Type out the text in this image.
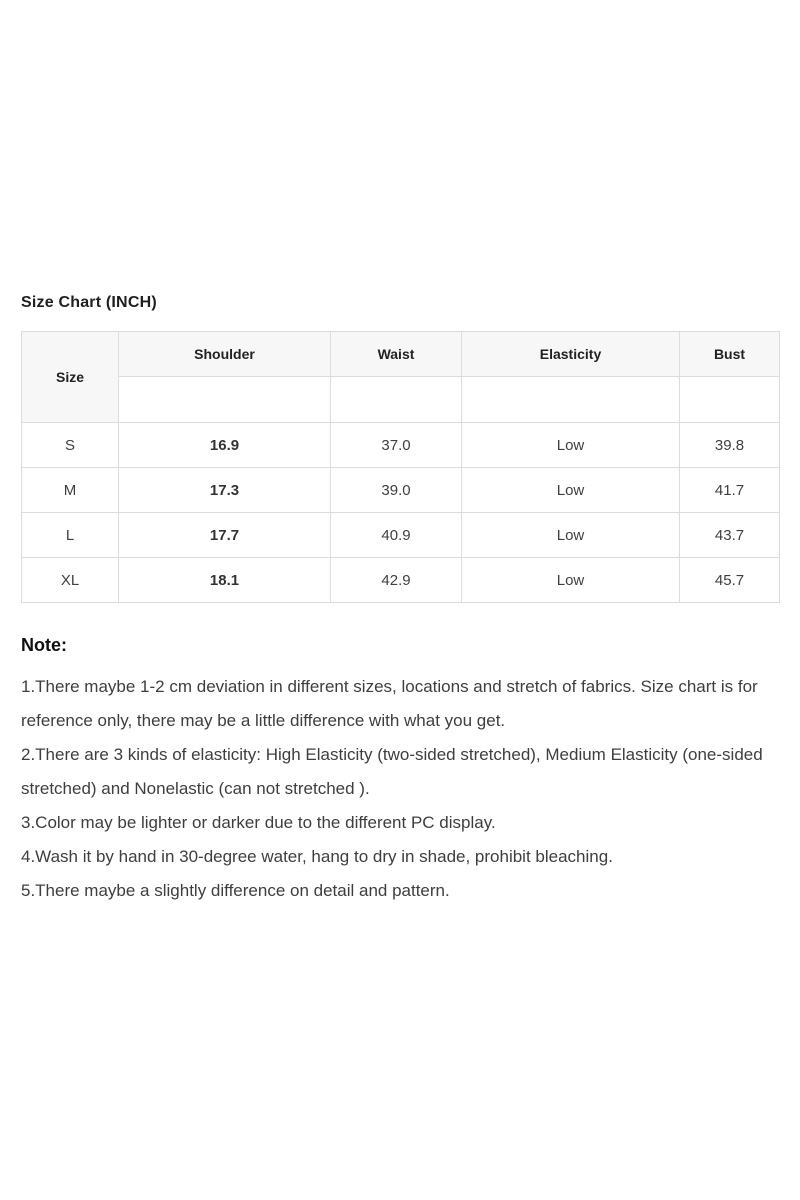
Size Chart (INCH)
Size	Shoulder	Waist	Elasticity	Bust

S	16.9	37.0	Low	39.8
M	17.3	39.0	Low	41.7
L	17.7	40.9	Low	43.7
XL	18.1	42.9	Low	45.7
Note:

1.There maybe 1-2 cm deviation in different sizes, locations and stretch of fabrics. Size chart is for reference only, there may be a little difference with what you get.

2.There are 3 kinds of elasticity: High Elasticity (two-sided stretched), Medium Elasticity (one-sided stretched) and Nonelastic (can not stretched ).

3.Color may be lighter or darker due to the different PC display.

4.Wash it by hand in 30-degree water, hang to dry in shade, prohibit bleaching.

5.There maybe a slightly difference on detail and pattern.
